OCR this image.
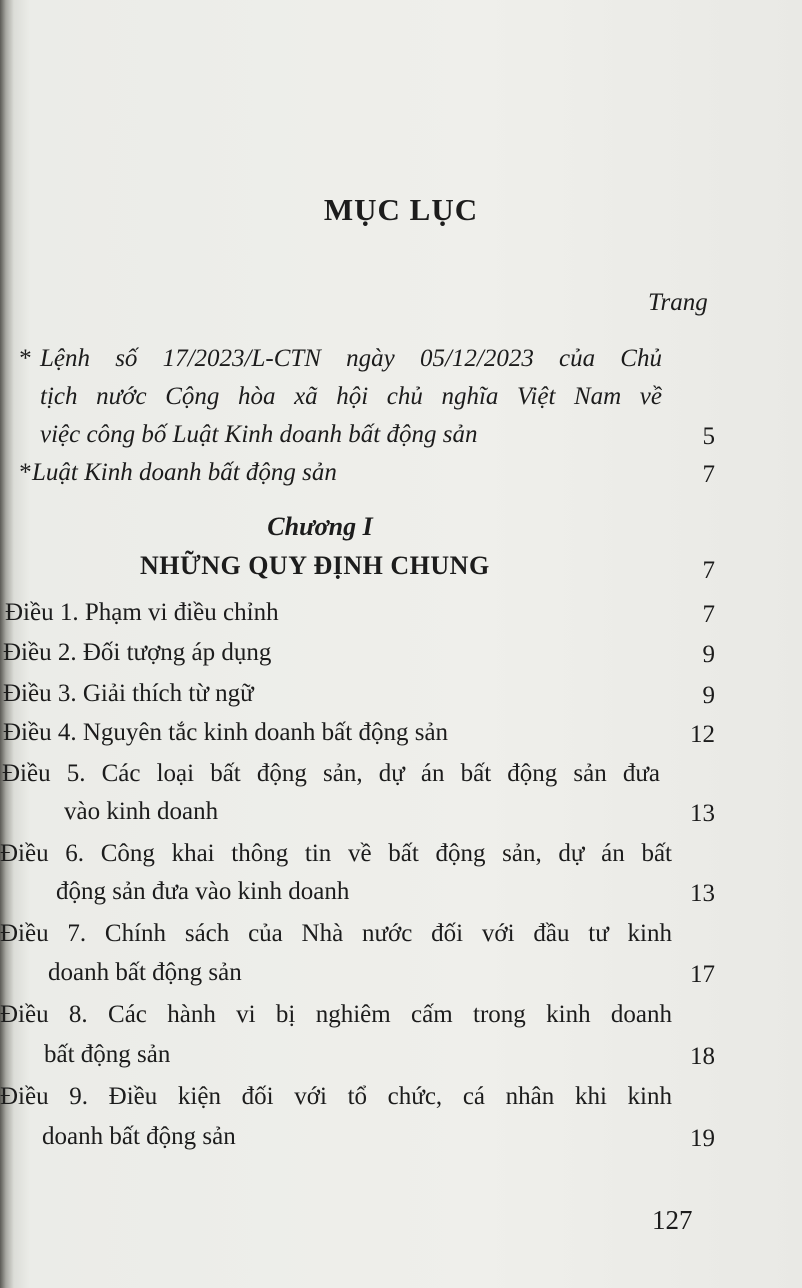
MỤC LỤC
Trang
* Lệnh số 17/2023/L-CTN ngày 05/12/2023 của Chủ
tịch nước Cộng hòa xã hội chủ nghĩa Việt Nam về
việc công bố Luật Kinh doanh bất động sản	5
* Luật Kinh doanh bất động sản	7
Chương I
NHỮNG QUY ĐỊNH CHUNG	7
Điều 1. Phạm vi điều chỉnh	7
Điều 2. Đối tượng áp dụng	9
Điều 3. Giải thích từ ngữ	9
Điều 4. Nguyên tắc kinh doanh bất động sản	12
Điều 5. Các loại bất động sản, dự án bất động sản đưa
vào kinh doanh	13
Điều 6. Công khai thông tin về bất động sản, dự án bất
động sản đưa vào kinh doanh	13
Điều 7. Chính sách của Nhà nước đối với đầu tư kinh
doanh bất động sản	17
Điều 8. Các hành vi bị nghiêm cấm trong kinh doanh
bất động sản	18
Điều 9. Điều kiện đối với tổ chức, cá nhân khi kinh
doanh bất động sản	19
127
